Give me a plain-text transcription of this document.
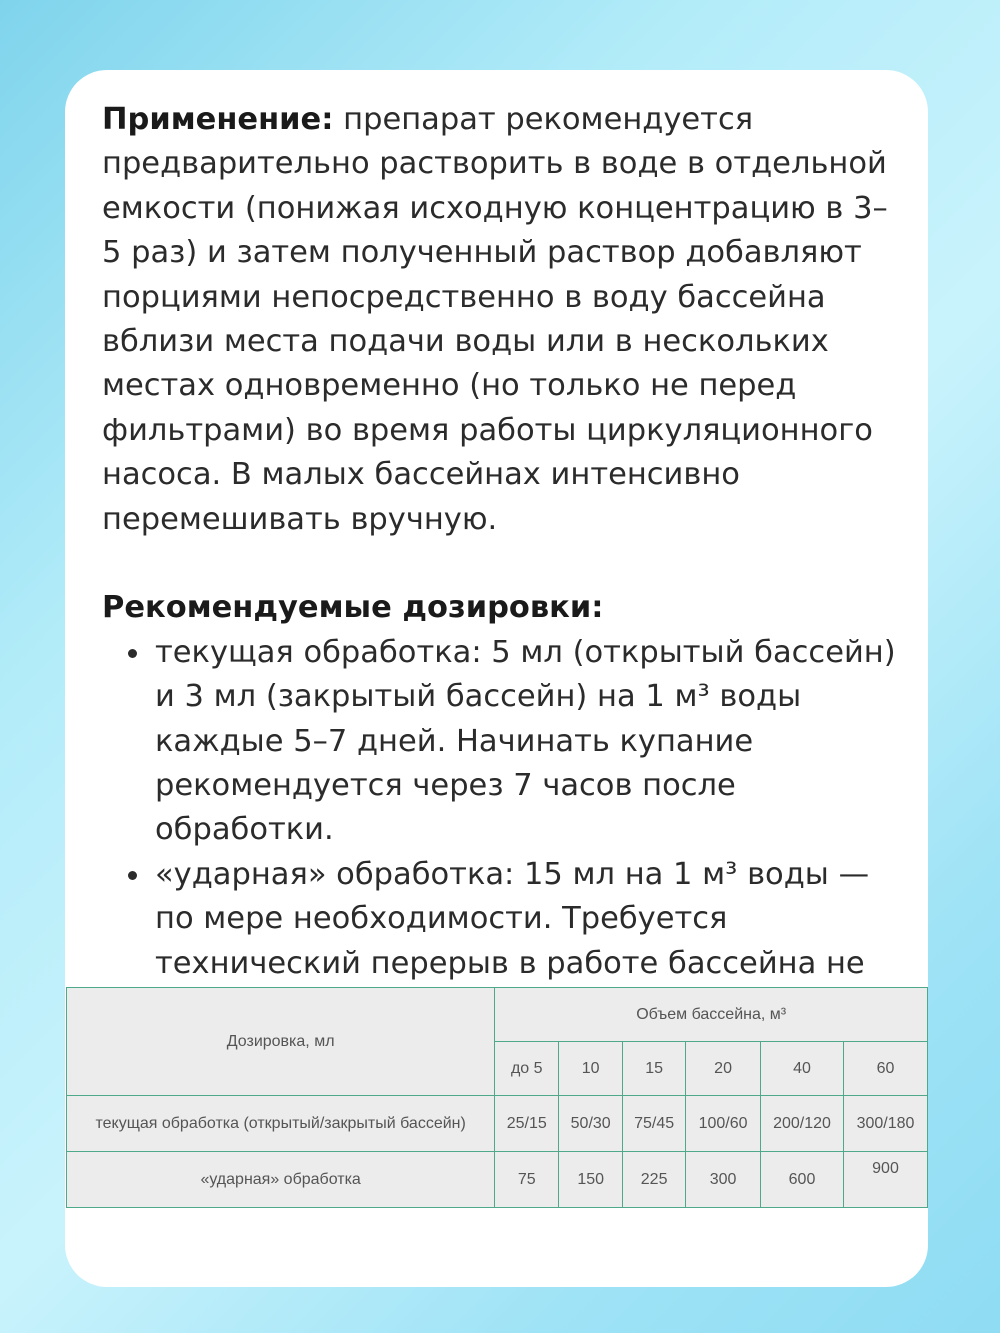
Применение: препарат рекомендуется предварительно растворить в воде в отдельной емкости (понижая исходную концентрацию в 3–5 раз) и затем полученный раствор добавляют порциями непосредственно в воду бассейна вблизи места подачи воды или в нескольких местах одновременно (но только не перед фильтрами) во время работы циркуляционного насоса. В малых бассейнах интенсивно перемешивать вручную.

Рекомендуемые дозировки:

текущая обработка: 5 мл (открытый бассейн) и 3 мл (закрытый бассейн) на 1 м³ воды каждые 5–7 дней. Начинать купание рекомендуется через 7 часов после обработки.
«ударная» обработка: 15 мл на 1 м³ воды — по мере необходимости. Требуется технический перерыв в работе бассейна не
Дозировка, мл	Объем бассейна, м³					
	до 5	10	15	20	40	60
текущая обработка (открытый/закрытый бассейн)	25/15	50/30	75/45	100/60	200/120	300/180
«ударная» обработка	75	150	225	300	600	900
